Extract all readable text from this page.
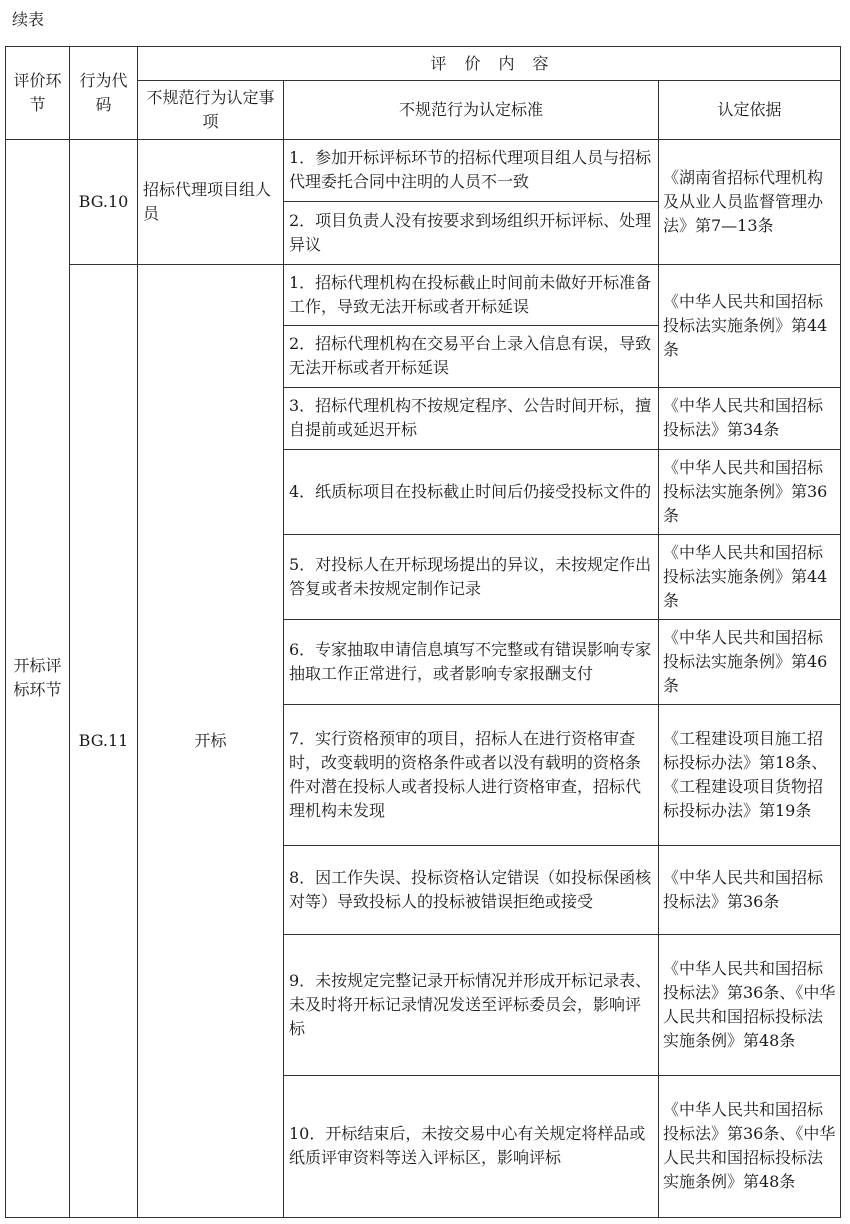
续表
评价环节	行为代码	评价内容		
		不规范行为认定事项	不规范行为认定标准	认定依据
开标评标环节	BG.10	招标代理项目组人员	1．参加开标评标环节的招标代理项目组人员与招标代理委托合同中注明的人员不一致	《湖南省招标代理机构及从业人员监督管理办法》第7—13条
			2．项目负责人没有按要求到场组织开标评标、处理异议	
	BG.11	开标	1．招标代理机构在投标截止时间前未做好开标准备工作，导致无法开标或者开标延误	《中华人民共和国招标投标法实施条例》第44条
			2．招标代理机构在交易平台上录入信息有误，导致无法开标或者开标延误	
			3．招标代理机构不按规定程序、公告时间开标，擅自提前或延迟开标	《中华人民共和国招标投标法》第34条
			4．纸质标项目在投标截止时间后仍接受投标文件的	《中华人民共和国招标投标法实施条例》第36条
			5．对投标人在开标现场提出的异议，未按规定作出答复或者未按规定制作记录	《中华人民共和国招标投标法实施条例》第44条
			6．专家抽取申请信息填写不完整或有错误影响专家抽取工作正常进行，或者影响专家报酬支付	《中华人民共和国招标投标法实施条例》第46条
			7．实行资格预审的项目，招标人在进行资格审查时，改变载明的资格条件或者以没有载明的资格条件对潜在投标人或者投标人进行资格审查，招标代理机构未发现	《工程建设项目施工招标投标办法》第18条、《工程建设项目货物招标投标办法》第19条
			8．因工作失误、投标资格认定错误（如投标保函核对等）导致投标人的投标被错误拒绝或接受	《中华人民共和国招标投标法》第36条
			9．未按规定完整记录开标情况并形成开标记录表、未及时将开标记录情况发送至评标委员会，影响评标	《中华人民共和国招标投标法》第36条、《中华人民共和国招标投标法实施条例》第48条
			10．开标结束后，未按交易中心有关规定将样品或纸质评审资料等送入评标区，影响评标	《中华人民共和国招标投标法》第36条、《中华人民共和国招标投标法实施条例》第48条
